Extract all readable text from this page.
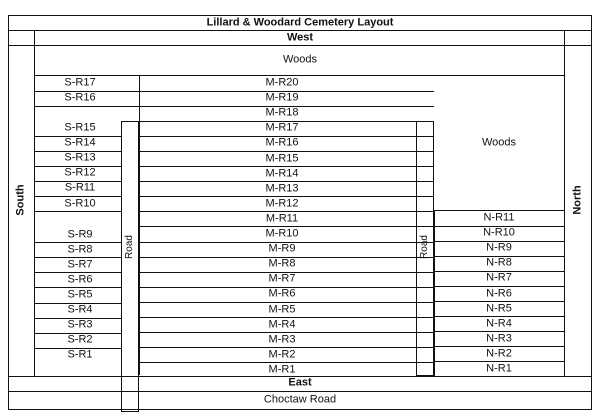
Lillard & Woodard Cemetery Layout
West
South	North
Woods
Woods
Road	Road
East
Choctaw Road
S-R17
S-R16
S-R15
S-R14
S-R13
S-R12
S-R11
S-R10
S-R9
S-R8
S-R7
S-R6
S-R5
S-R4
S-R3
S-R2
S-R1
M-R20
M-R19
M-R18
M-R17
M-R16
M-R15
M-R14
M-R13
M-R12
M-R11
M-R10
M-R9
M-R8
M-R7
M-R6
M-R5
M-R4
M-R3
M-R2
M-R1
N-R11
N-R10
N-R9
N-R8
N-R7
N-R6
N-R5
N-R4
N-R3
N-R2
N-R1
